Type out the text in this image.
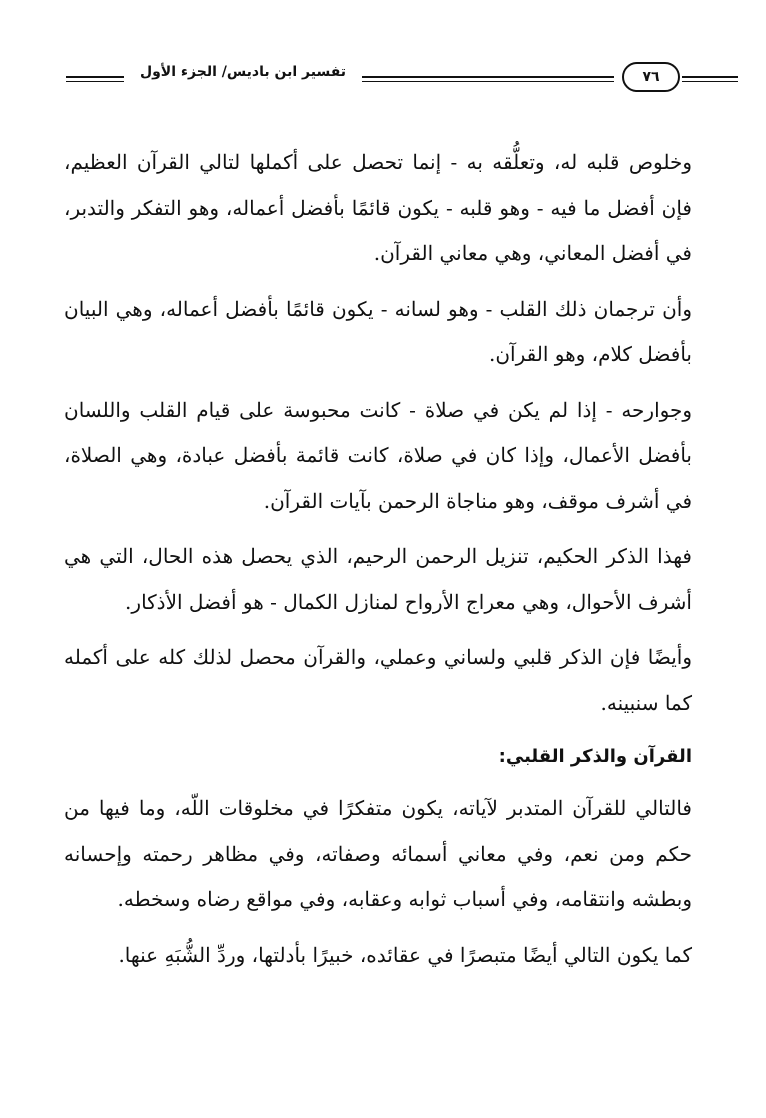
تفسير ابن باديس/ الجزء الأول	٧٦

وخلوص قلبه له، وتعلُّقه به - إنما تحصل على أكملها لتالي القرآن العظيم، فإن أفضل ما فيه - وهو قلبه - يكون قائمًا بأفضل أعماله، وهو التفكر والتدبر، في أفضل المعاني، وهي معاني القرآن.

وأن ترجمان ذلك القلب - وهو لسانه - يكون قائمًا بأفضل أعماله، وهي البيان بأفضل كلام، وهو القرآن.

وجوارحه - إذا لم يكن في صلاة - كانت محبوسة على قيام القلب واللسان بأفضل الأعمال، وإذا كان في صلاة، كانت قائمة بأفضل عبادة، وهي الصلاة، في أشرف موقف، وهو مناجاة الرحمن بآيات القرآن.

فهذا الذكر الحكيم، تنزيل الرحمن الرحيم، الذي يحصل هذه الحال، التي هي أشرف الأحوال، وهي معراج الأرواح لمنازل الكمال - هو أفضل الأذكار.

وأيضًا فإن الذكر قلبي ولساني وعملي، والقرآن محصل لذلك كله على أكمله كما سنبينه.

القرآن والذكر القلبي:

فالتالي للقرآن المتدبر لآياته، يكون متفكرًا في مخلوقات اللّه، وما فيها من حكم ومن نعم، وفي معاني أسمائه وصفاته، وفي مظاهر رحمته وإحسانه وبطشه وانتقامه، وفي أسباب ثوابه وعقابه، وفي مواقع رضاه وسخطه.

كما يكون التالي أيضًا متبصرًا في عقائده، خبيرًا بأدلتها، وردِّ الشُّبَهِ عنها.
